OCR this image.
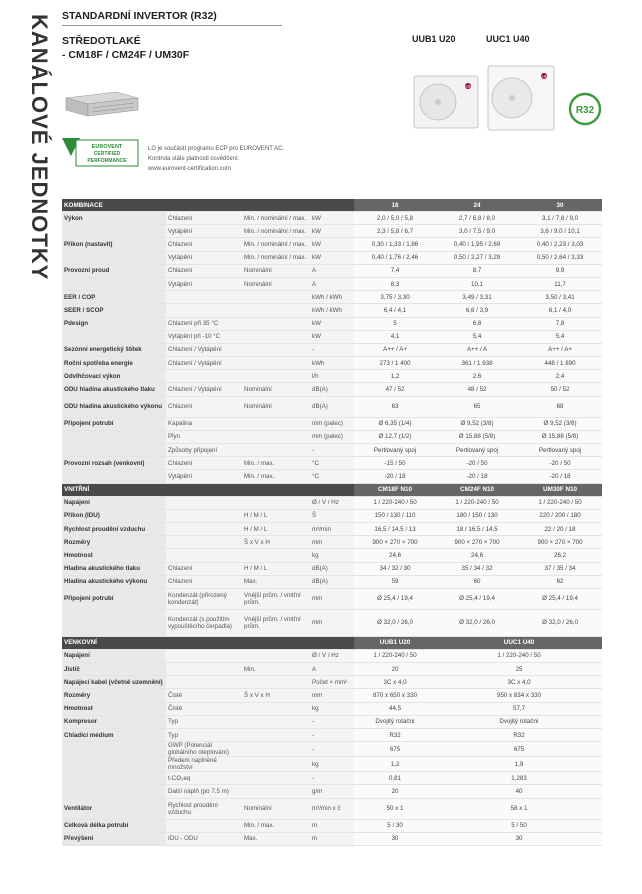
KANÁLOVÉ JEDNOTKY STANDARDNÍ INVERTOR (R32)
STŘEDOTLAKÉ
- CM18F / CM24F / UM30F
UUB1 U20	UUC1 U40
LG
LG
R32
EUROVENT
CERTIFIED
PERFORMANCE
LG je součástí programu ECP pro EUROVENT AC.
Kontrola stále platnosti osvědčení:
www.eurovent-certification.com
KOMBINACE				18	24	30
Výkon	Chlazení	Min. / nominální / max.	kW	2,0 / 5,0 / 5,8	2,7 / 6,8 / 8,0	3,1 / 7,8 / 9,0
	Vytápění	Min. / nominální / max.	kW	2,3 / 5,8 / 6,7	3,0 / 7,5 / 9,0	3,6 / 9,0 / 10,1
Příkon (nastavit)	Chlazení	Min. / nominální / max.	kW	0,30 / 1,33 / 1,86	0,40 / 1,95 / 2,69	0,40 / 2,23 / 3,03
	Vytápění	Min. / nominální / max.	kW	0,40 / 1,76 / 2,46	0,50 / 2,27 / 3,29	0,50 / 2,64 / 3,33
Provozní proud	Chlazení	Nominální	A	7,4	8,7	9,9
	Vytápění	Nominální	A	8,3	10,1	11,7
EER / COP			kWh / kWh	3,75 / 3,30	3,49 / 3,31	3,50 / 3,41
SEER / SCOP			kWh / kWh	6,4 / 4,1	6,6 / 3,9	6,1 / 4,0
Pdesign	Chlazení při 35 °C		kW	5	6,8	7,8
	Vytápění při -10 °C		kW	4,1	5,4	5,4
Sezónní energetický štítek	Chlazení / Vytápění		-	A++ / A+	A++ / A	A++ / A+
Roční spotřeba energie	Chlazení / Vytápění		kWh	273 / 1 400	361 / 1 938	448 / 1 890
Odvlhčovací výkon			l/h	1,2	2,6	2,4
ODU hladina akustického tlaku	Chlazení / Vytápění	Nominální	dB(A)	47 / 52	48 / 52	50 / 52
ODU hladina akustického výkonu	Chlazení	Nominální	dB(A)	63	65	68
Připojení potrubí	Kapalina		mm (palec)	Ø 6,35 (1/4)	Ø 9,52 (3/8)	Ø 9,52 (3/8)
	Plyn		mm (palec)	Ø 12,7 (1/2)	Ø 15,88 (5/8)	Ø 15,88 (5/8)
	Způsoby připojení		-	Pertlovaný spoj	Pertlovaný spoj	Pertlovaný spoj
Provozní rozsah (venkovní)	Chlazení	Min. / max.	°C	-15 / 50	-20 / 50	-20 / 50
	Vytápění	Min. / max.	°C	-20 / 18	-20 / 18	-20 / 18
VNITŘNÍ				CM18F N10	CM24F N10	UM30F N10
Napájení			Ø / V / Hz	1 / 220-240 / 50	1 / 220-240 / 50	1 / 220-240 / 50
Příkon (IDU)		H / M / L	Š	150 / 130 / 110	180 / 150 / 130	220 / 200 / 180
Rychlost proudění vzduchu		H / M / L	m³/min	16,5 / 14,5 / 13	18 / 16,5 / 14,5	22 / 20 / 18
Rozměry		Š x V x H	mm	900 × 270 × 700	900 × 270 × 700	900 × 270 × 700
Hmotnost			kg	24,6	24,6	26,2
Hladina akustického tlaku	Chlazení	H / M / L	dB(A)	34 / 32 / 30	35 / 34 / 32	37 / 35 / 34
Hladina akustického výkonu	Chlazení	Max.	dB(A)	59	60	62
Připojení potrubí	Kondenzát (přirozený kondenzát)	Vnější prům. / vnitřní prům.	mm	Ø 25,4 / 19,4	Ø 25,4 / 19,4	Ø 25,4 / 19,4
	Kondenzát (s použitím vypouštěcího čerpadla)	Vnější prům. / vnitřní prům.	mm	Ø 32,0 / 26,0	Ø 32,0 / 26,0	Ø 32,0 / 26,0
VENKOVNÍ				UUB1 U20	UUC1 U40	
Napájení			Ø / V / Hz	1 / 220-240 / 50	1 / 220-240 / 50	
Jistič		Min.	A	20	25	
Napájecí kabel (včetně uzemnění)			Počet × mm²	3C x 4,0	3C x 4,0	
Rozměry	Čisté	Š x V x H	mm	870 x 650 x 330	950 x 834 x 330	
Hmotnost	Čisté		kg	44,5	57,7	
Kompresor	Typ		-	Dvojitý rotační	Dvojitý rotační	
Chladicí médium	Typ		-	R32	R32	
	GWP (Potenciál globálního oteplování)		-	675	675	
	Předem naplněné množství		kg	1,2	1,9	
	t-CO₂eq		-	0,81	1,283	
	Další náplň (po 7,5 m)		g/m	20	40	
Ventilátor	Rychlost proudění vzduchu	Nominální	m³/min x č	50 x 1	58 x 1	
Celková délka potrubí		Min. / max.	m	5 / 30	5 / 50	
Převýšení	IDU - ODU	Max.	m	30	30	
